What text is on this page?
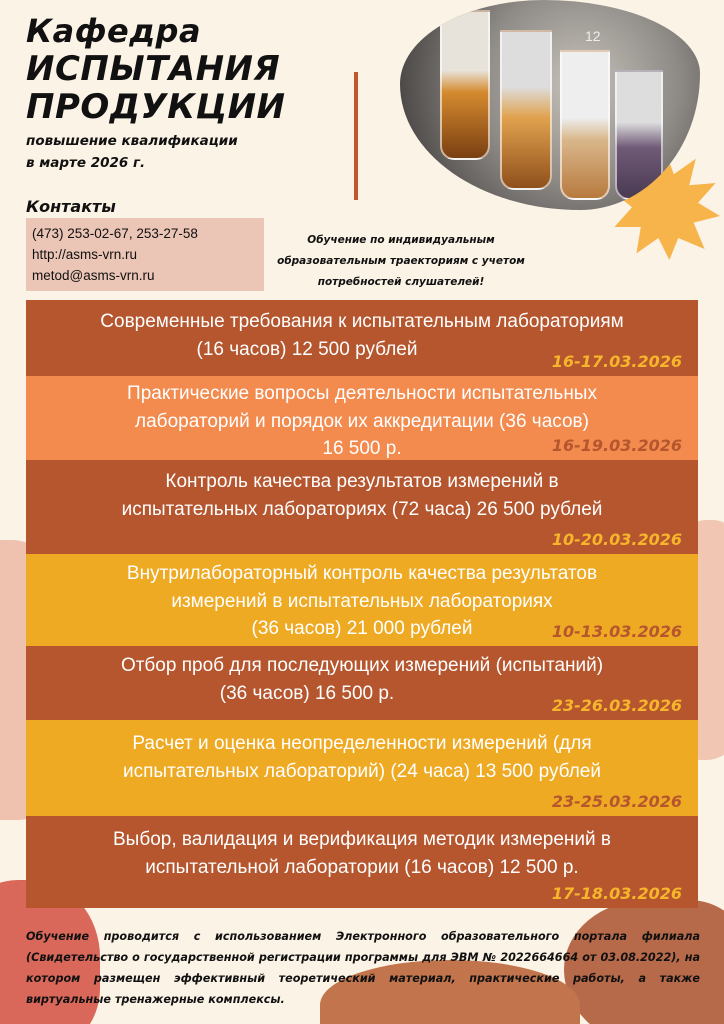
12
Кафедра
ИСПЫТАНИЯ
ПРОДУКЦИИ
повышение квалификации
в марте 2026 г.
Контакты
(473) 253-02-67, 253-27-58
http://asms-vrn.ru
metod@asms-vrn.ru
Обучение по индивидуальным образовательным траекториям с учетом потребностей слушателей!
Современные требования к испытательным лабораториям
(16 часов) 12 500 рублей
16-17.03.2026
Практические вопросы деятельности испытательных
лабораторий и порядок их аккредитации (36 часов)
16 500 р.	16-19.03.2026
Контроль качества результатов измерений в
испытательных лабораториях (72 часа) 26 500 рублей
10-20.03.2026
Внутрилабораторный контроль качества результатов
измерений в испытательных лабораториях
(36 часов) 21 000 рублей	10-13.03.2026
Отбор проб для последующих измерений (испытаний)
(36 часов) 16 500 р.
23-26.03.2026
Расчет и оценка неопределенности измерений (для
испытательных лабораторий) (24 часа) 13 500 рублей
23-25.03.2026
Выбор, валидация и верификация методик измерений в
испытательной лаборатории (16 часов) 12 500 р.
17-18.03.2026
Обучение проводится с использованием Электронного образовательного портала филиала (Свидетельство о государственной регистрации программы для ЭВМ № 2022664664 от 03.08.2022), на котором размещен эффективный теоретический материал, практические работы, а также виртуальные тренажерные комплексы.
